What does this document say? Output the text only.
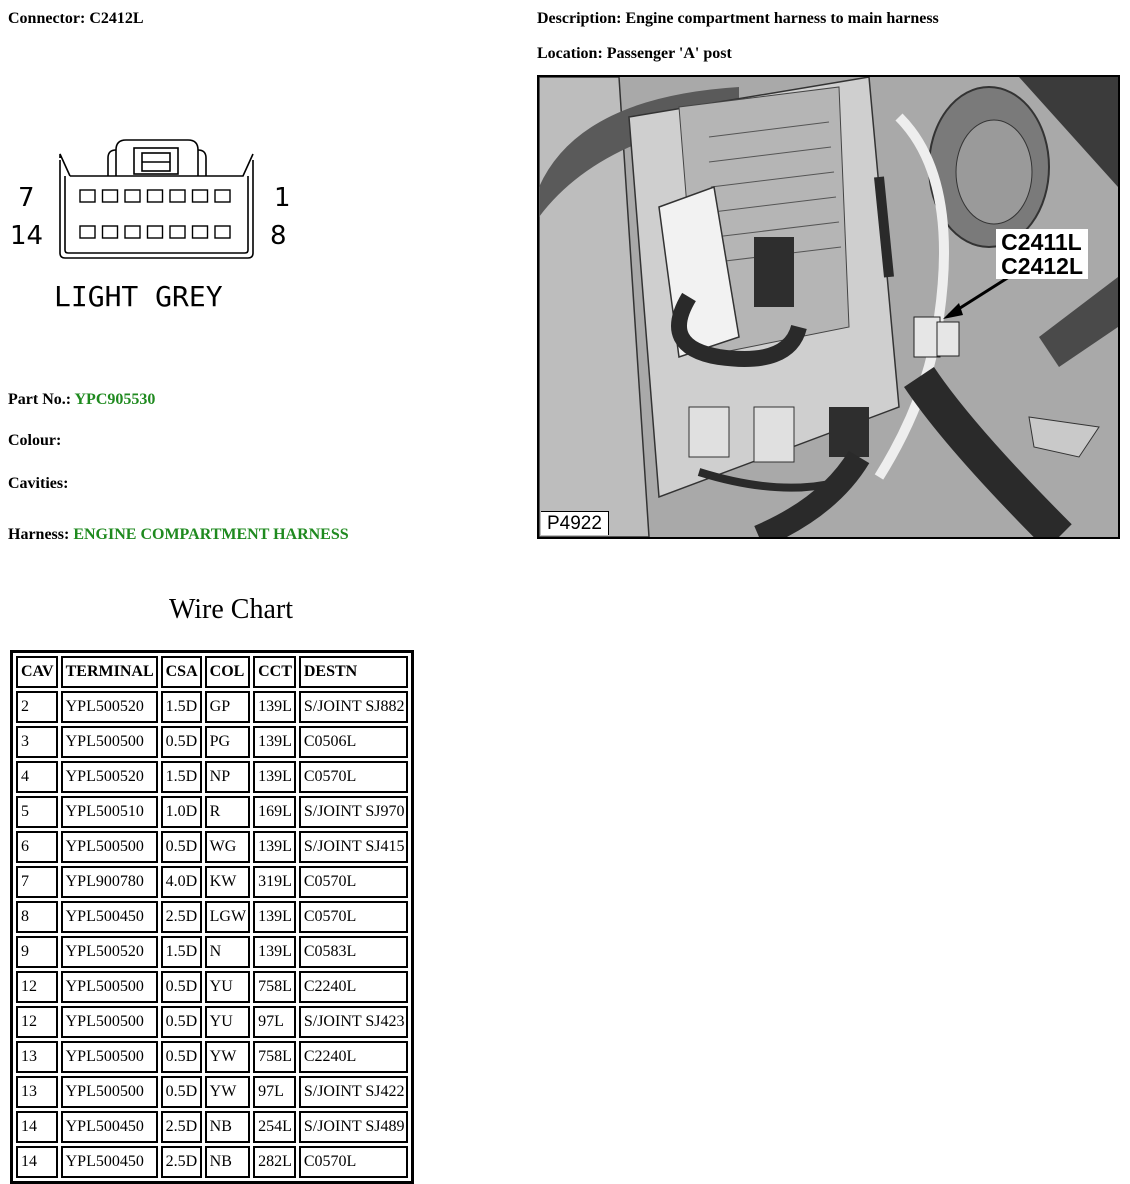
Connector: C2412L	Description: Engine compartment harness to main harness
Location: Passenger 'A' post
7
14
1
8
LIGHT GREY
Part No.: YPC905530
Colour:
Cavities:
Harness: ENGINE COMPARTMENT HARNESS
C2411L
C2412L
P4922
Wire Chart
CAV	TERMINAL	CSA	COL	CCT	DESTN
2	YPL500520	1.5D	GP	139L	S/JOINT SJ882
3	YPL500500	0.5D	PG	139L	C0506L
4	YPL500520	1.5D	NP	139L	C0570L
5	YPL500510	1.0D	R	169L	S/JOINT SJ970
6	YPL500500	0.5D	WG	139L	S/JOINT SJ415
7	YPL900780	4.0D	KW	319L	C0570L
8	YPL500450	2.5D	LGW	139L	C0570L
9	YPL500520	1.5D	N	139L	C0583L
12	YPL500500	0.5D	YU	758L	C2240L
12	YPL500500	0.5D	YU	97L	S/JOINT SJ423
13	YPL500500	0.5D	YW	758L	C2240L
13	YPL500500	0.5D	YW	97L	S/JOINT SJ422
14	YPL500450	2.5D	NB	254L	S/JOINT SJ489
14	YPL500450	2.5D	NB	282L	C0570L
